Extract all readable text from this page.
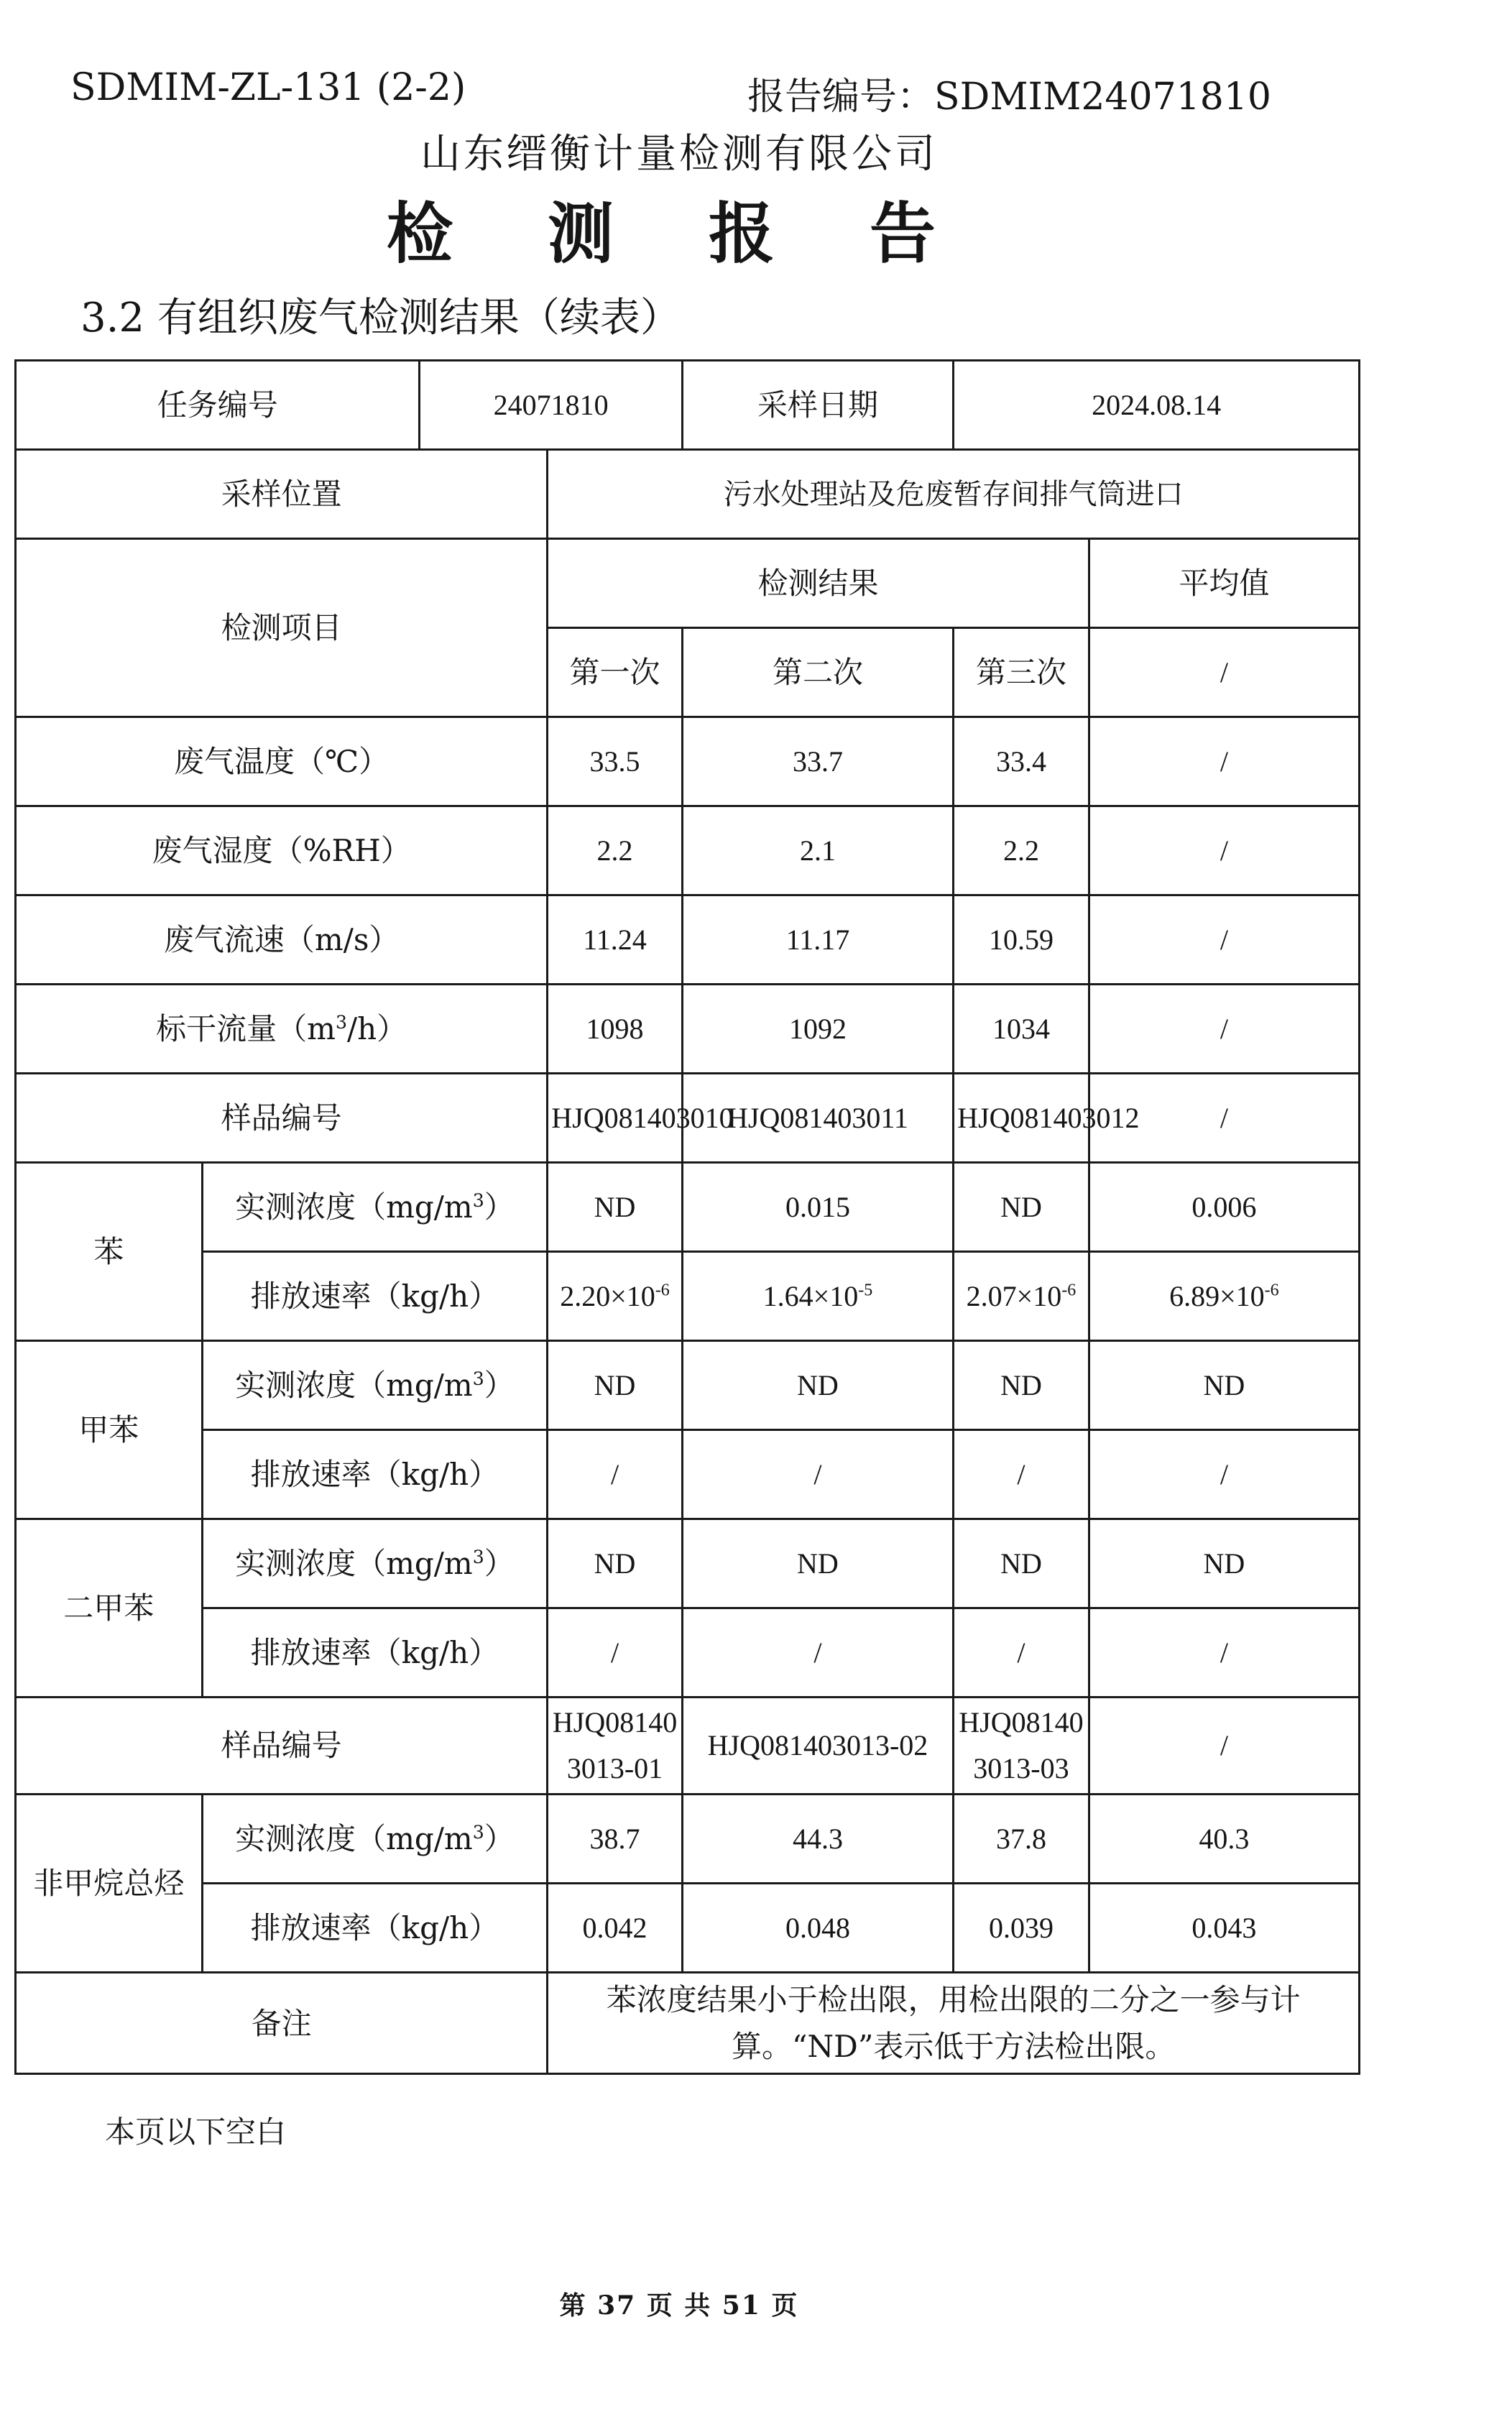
SDMIM-ZL-131 (2-2)	报告编号：SDMIM24071810
山东缙衡计量检测有限公司
检 测 报 告
3.2 有组织废气检测结果（续表）
任务编号		24071810		采样日期	2024.08.14	
采样位置			污水处理站及危废暂存间排气筒进口			
检测项目			检测结果			平均值
			第一次	第二次	第三次	/
废气温度（℃）			33.5	33.7	33.4	/
废气湿度（%RH）			2.2	2.1	2.2	/
废气流速（m/s）			11.24	11.17	10.59	/
标干流量$(m^3/h)$			1098	1092	1034	/
样品编号			HJQ081403010	HJQ081403011	HJQ081403012	/
苯	实测浓度$(mg/m^3)$		ND	0.015	ND	0.006
	排放速率（kg/h）		$2.20\times 10^{-6}$	$1.64\times 10^{-5}$	$2.07\times 10^{-6}$	$6.89\times 10^{-6}$
甲苯	实测浓度$(mg/m^3)$		ND	ND	ND	ND
	排放速率（kg/h）		/	/	/	/
二甲苯	实测浓度$(mg/m^3)$		ND	ND	ND	ND
	排放速率（kg/h）		/	/	/	/
样品编号			HJQ081403013-01	HJQ081403013-02	HJQ081403013-03	/
非甲烷总烃	实测浓度$(mg/m^3)$		38.7	44.3	37.8	40.3
	排放速率（kg/h）		0.042	0.048	0.039	0.043
备注			苯浓度结果小于检出限，用检出限的二分之一参与计算。“ND”表示低于方法检出限。			
本页以下空白
第 37 页 共 51 页
